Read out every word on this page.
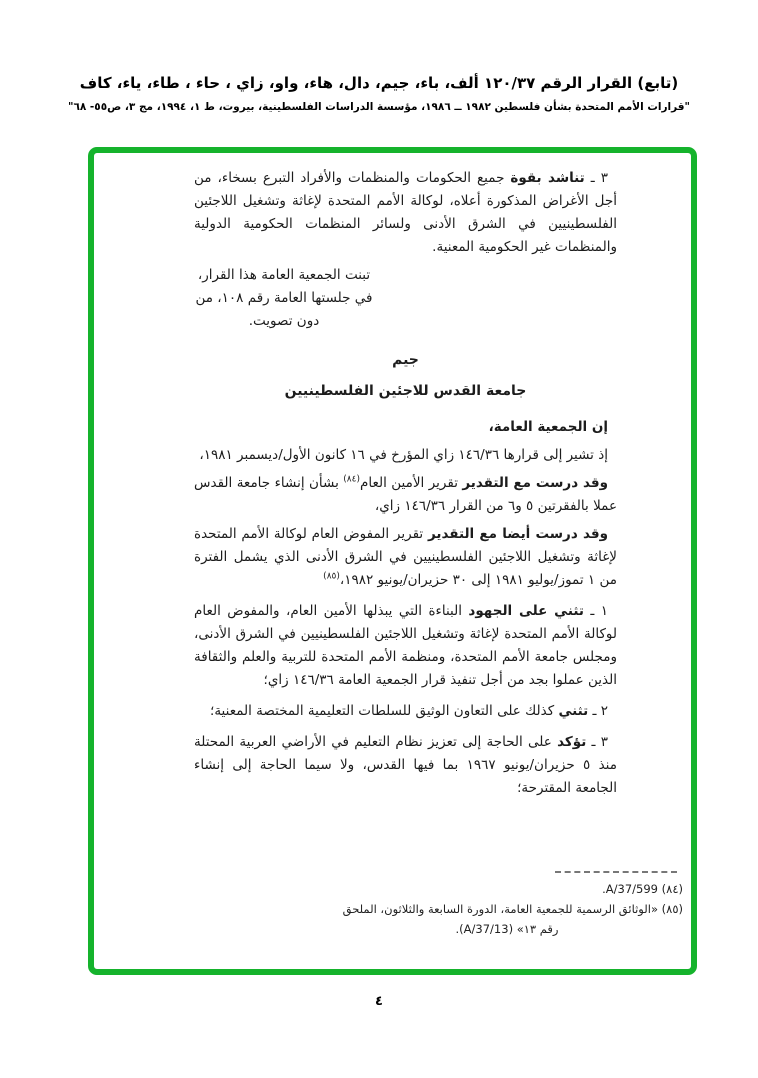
(تابع) القرار الرقم ١٢٠/٣٧ ألف، باء، جيم، دال، هاء، واو، زاي ، حاء ، طاء، ياء، كاف
"قرارات الأمم المتحدة بشأن فلسطين ١٩٨٢ ــ ١٩٨٦، مؤسسة الدراسات الفلسطينية، بيروت، ط ١، ١٩٩٤، مج ٣، ص٥٥- ٦٨"

٣ ـ تناشد بقوة جميع الحكومات والمنظمات والأفراد التبرع بسخاء، من أجل الأغراض المذكورة أعلاه، لوكالة الأمم المتحدة لإغاثة وتشغيل اللاجئين الفلسطينيين في الشرق الأدنى ولسائر المنظمات الحكومية الدولية والمنظمات غير الحكومية المعنية.

تبنت الجمعية العامة هذا القرار،
في جلستها العامة رقم ١٠٨، من
دون تصويت.
جيم
جامعة القدس للاجئين الفلسطينيين

إن الجمعية العامة،

إذ تشير إلى قرارها ١٤٦/٣٦ زاي المؤرخ في ١٦ كانون الأول/ديسمبر ١٩٨١،

وقد درست مع التقدير تقرير الأمين العام$^{(٨٤)}$ بشأن إنشاء جامعة القدس عملا بالفقرتين ٥ و٦ من القرار ١٤٦/٣٦ زاي،

وقد درست أيضا مع التقدير تقرير المفوض العام لوكالة الأمم المتحدة لإغاثة وتشغيل اللاجئين الفلسطينيين في الشرق الأدنى الذي يشمل الفترة من ١ تموز/يوليو ١٩٨١ إلى ٣٠ حزيران/يونيو ١٩٨٢،$^{(٨٥)}$

١ ـ تثني على الجهود البناءة التي يبذلها الأمين العام، والمفوض العام لوكالة الأمم المتحدة لإغاثة وتشغيل اللاجئين الفلسطينيين في الشرق الأدنى، ومجلس جامعة الأمم المتحدة، ومنظمة الأمم المتحدة للتربية والعلم والثقافة الذين عملوا بجد من أجل تنفيذ قرار الجمعية العامة ١٤٦/٣٦ زاي؛

٢ ـ تثني كذلك على التعاون الوثيق للسلطات التعليمية المختصة المعنية؛

٣ ـ تؤكد على الحاجة إلى تعزيز نظام التعليم في الأراضي العربية المحتلة منذ ٥ حزيران/يونيو ١٩٦٧ بما فيها القدس، ولا سيما الحاجة إلى إنشاء الجامعة المقترحة؛

(٨٤) A/37/599.
(٨٥) «الوثائق الرسمية للجمعية العامة، الدورة السابعة والثلاثون، الملحق
رقم ١٣» (A/37/13).
٤
